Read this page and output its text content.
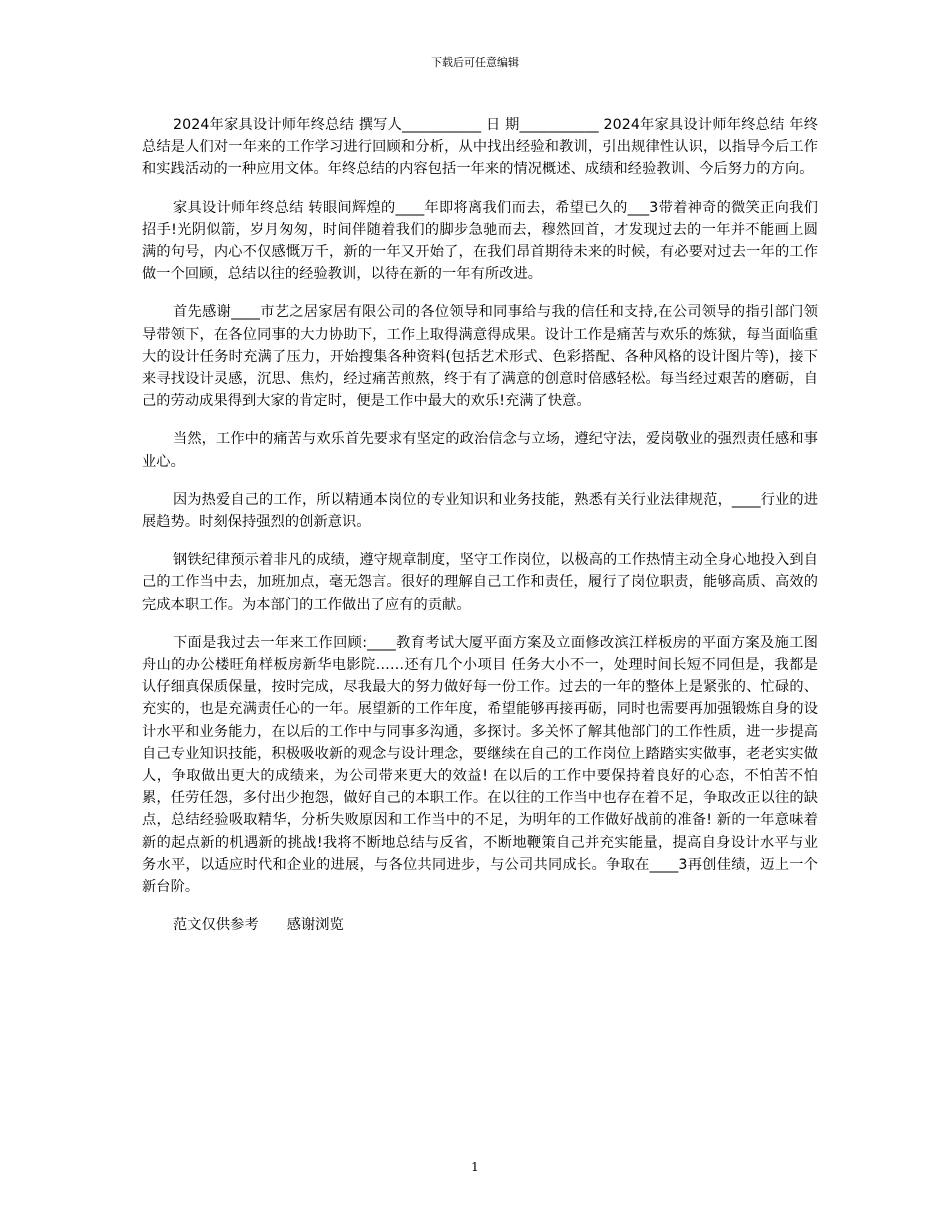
下载后可任意编辑

2024年家具设计师年终总结 撰写人___________ 日 期___________ 2024年家具设计师年终总结 年终总结是人们对一年来的工作学习进行回顾和分析，从中找出经验和教训，引出规律性认识，以指导今后工作和实践活动的一种应用文体。年终总结的内容包括一年来的情况概述、成绩和经验教训、今后努力的方向。

家具设计师年终总结 转眼间辉煌的____年即将离我们而去，希望已久的___3带着神奇的微笑正向我们招手!光阴似箭，岁月匆匆，时间伴随着我们的脚步急驰而去，穆然回首，才发现过去的一年并不能画上圆满的句号，内心不仅感慨万千，新的一年又开始了，在我们昂首期待未来的时候，有必要对过去一年的工作做一个回顾，总结以往的经验教训，以待在新的一年有所改进。

首先感谢____市艺之居家居有限公司的各位领导和同事给与我的信任和支持,在公司领导的指引部门领导带领下，在各位同事的大力协助下，工作上取得满意得成果。设计工作是痛苦与欢乐的炼狱，每当面临重大的设计任务时充满了压力，开始搜集各种资料(包括艺术形式、色彩搭配、各种风格的设计图片等)，接下来寻找设计灵感，沉思、焦灼，经过痛苦煎熬，终于有了满意的创意时倍感轻松。每当经过艰苦的磨砺，自己的劳动成果得到大家的肯定时，便是工作中最大的欢乐!充满了快意。

当然，工作中的痛苦与欢乐首先要求有坚定的政治信念与立场，遵纪守法，爱岗敬业的强烈责任感和事业心。

因为热爱自己的工作，所以精通本岗位的专业知识和业务技能，熟悉有关行业法律规范，____行业的进展趋势。时刻保持强烈的创新意识。

钢铁纪律预示着非凡的成绩，遵守规章制度，坚守工作岗位，以极高的工作热情主动全身心地投入到自己的工作当中去，加班加点，毫无怨言。很好的理解自己工作和责任，履行了岗位职责，能够高质、高效的完成本职工作。为本部门的工作做出了应有的贡献。

下面是我过去一年来工作回顾:____教育考试大厦平面方案及立面修改滨江样板房的平面方案及施工图舟山的办公楼旺角样板房新华电影院……还有几个小项目 任务大小不一，处理时间长短不同但是，我都是认仔细真保质保量，按时完成，尽我最大的努力做好每一份工作。过去的一年的整体上是紧张的、忙碌的、充实的，也是充满责任心的一年。展望新的工作年度，希望能够再接再砺，同时也需要再加强锻炼自身的设计水平和业务能力，在以后的工作中与同事多沟通，多探讨。多关怀了解其他部门的工作性质，进一步提高自己专业知识技能，积极吸收新的观念与设计理念，要继续在自己的工作岗位上踏踏实实做事，老老实实做人，争取做出更大的成绩来，为公司带来更大的效益! 在以后的工作中要保持着良好的心态，不怕苦不怕累，任劳任怨，多付出少抱怨，做好自己的本职工作。在以往的工作当中也存在着不足，争取改正以往的缺点，总结经验吸取精华，分析失败原因和工作当中的不足，为明年的工作做好战前的准备! 新的一年意味着新的起点新的机遇新的挑战!我将不断地总结与反省，不断地鞭策自己并充实能量，提高自身设计水平与业务水平，以适应时代和企业的进展，与各位共同进步，与公司共同成长。争取在____3再创佳绩，迈上一个新台阶。

范文仅供参考 感谢浏览

1
